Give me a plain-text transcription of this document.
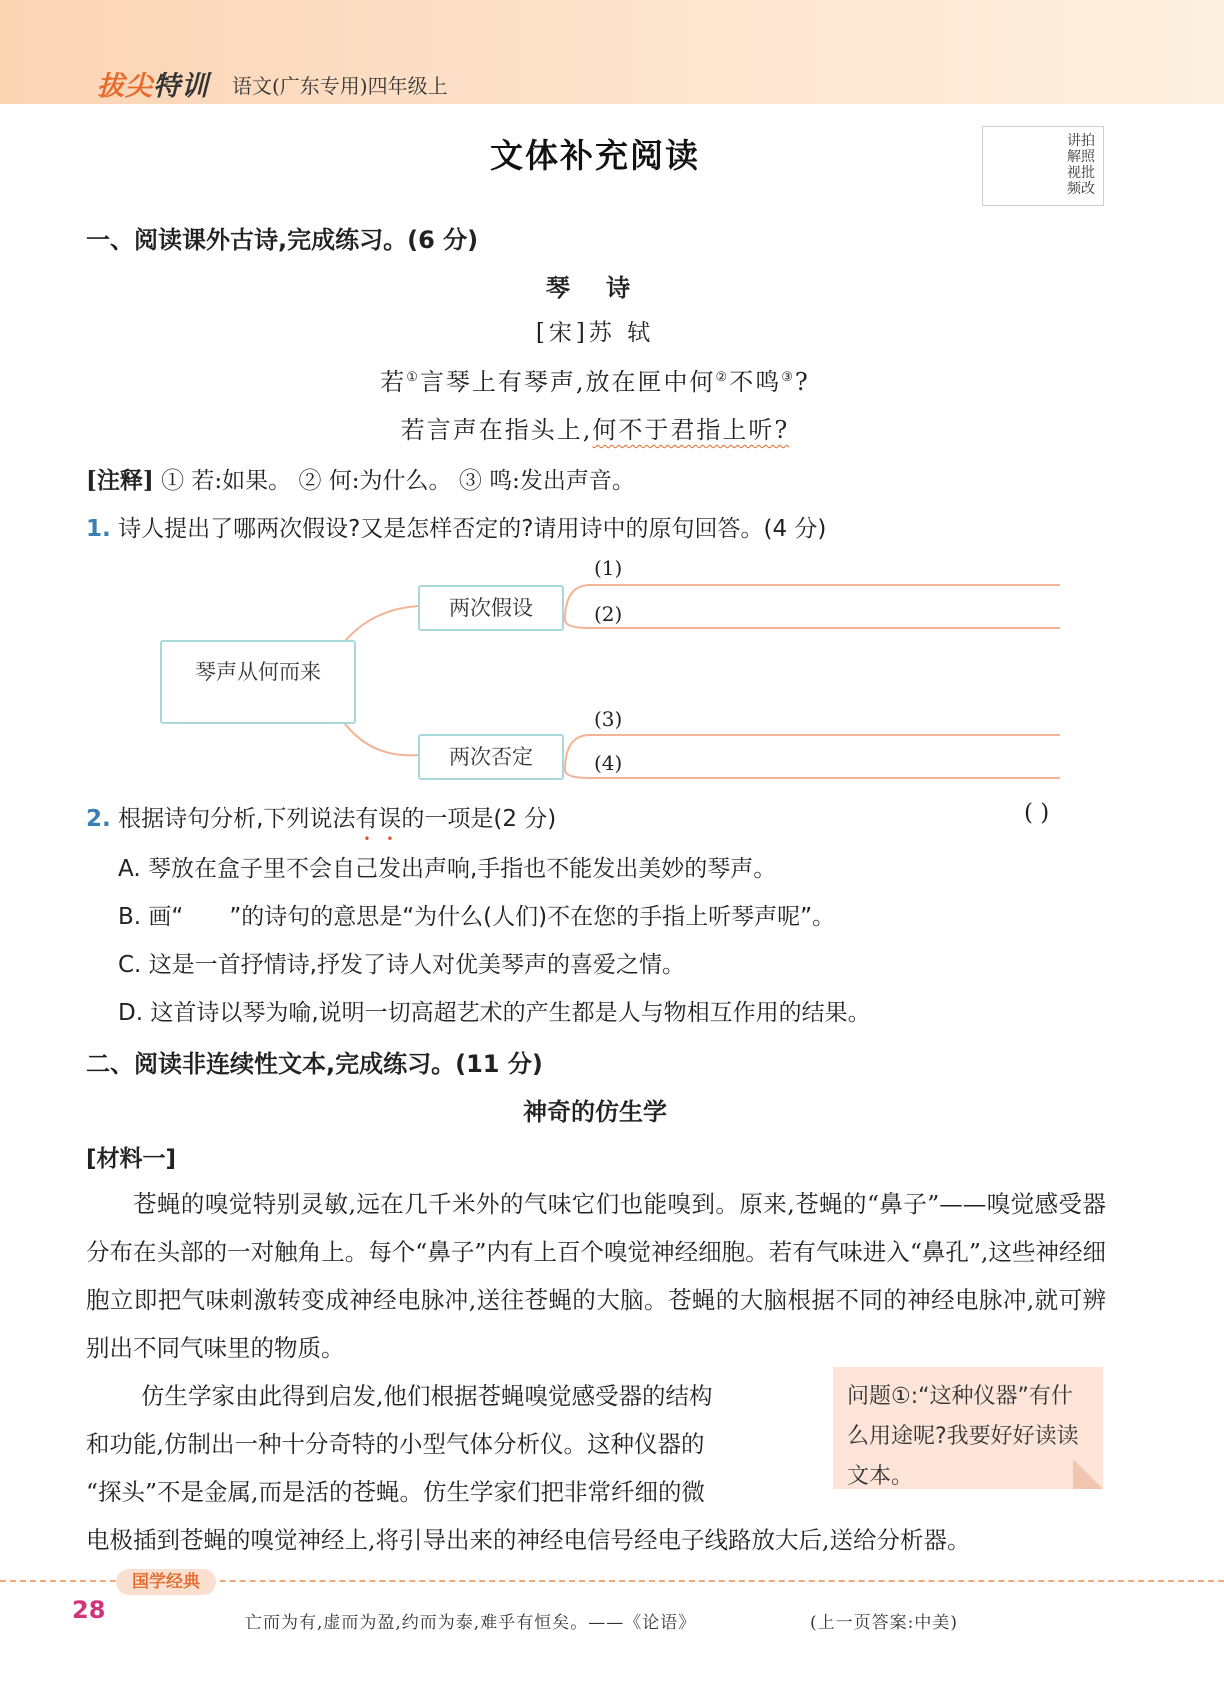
拔尖特训 语文(广东专用)四年级上
文体补充阅读	讲拍
解照
视批
频改
一、阅读课外古诗,完成练习。(6 分)
琴 诗
[宋]苏 轼
若①言琴上有琴声,放在匣中何②不鸣③?
若言声在指头上,何不于君指上听?
[注释] ① 若:如果。 ② 何:为什么。 ③ 鸣:发出声音。
1. 诗人提出了哪两次假设?又是怎样否定的?请用诗中的原句回答。(4 分)
琴声从何而来
两次假设
两次否定
(1)
(2)
(3)
(4)
2. 根据诗句分析,下列说法有误的一项是(2 分)	( )
A. 琴放在盒子里不会自己发出声响,手指也不能发出美妙的琴声。
B. 画“ ”的诗句的意思是“为什么(人们)不在您的手指上听琴声呢”。
C. 这是一首抒情诗,抒发了诗人对优美琴声的喜爱之情。
D. 这首诗以琴为喻,说明一切高超艺术的产生都是人与物相互作用的结果。
二、阅读非连续性文本,完成练习。(11 分)
神奇的仿生学
[材料一]
苍蝇的嗅觉特别灵敏,远在几千米外的气味它们也能嗅到。原来,苍蝇的“鼻子”——嗅觉感受器分布在头部的一对触角上。每个“鼻子”内有上百个嗅觉神经细胞。若有气味进入“鼻孔”,这些神经细胞立即把气味刺激转变成神经电脉冲,送往苍蝇的大脑。苍蝇的大脑根据不同的神经电脉冲,就可辨别出不同气味里的物质。
仿生学家由此得到启发,他们根据苍蝇嗅觉感受器的结构
和功能,仿制出一种十分奇特的小型气体分析仪。这种仪器的
“探头”不是金属,而是活的苍蝇。仿生学家们把非常纤细的微
电极插到苍蝇的嗅觉神经上,将引导出来的神经电信号经电子线路放大后,送给分析器。
问题①:“这种仪器”有什么用途呢?我要好好读读文本。
国学经典
28	亡而为有,虚而为盈,约而为泰,难乎有恒矣。——《论语》	(上一页答案:中美)
